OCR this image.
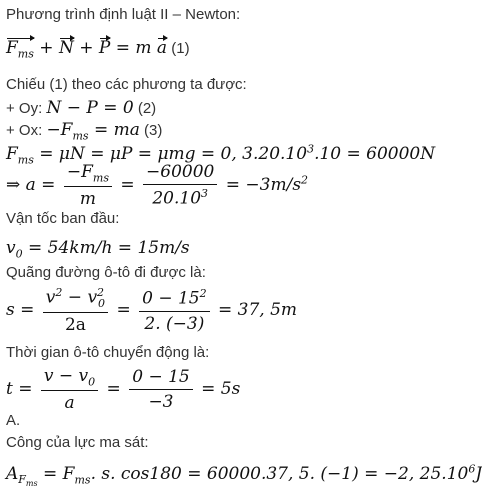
Phương trình định luật II – Newton:
$F_{ms} + N + P = m$ a (1)
Chiếu (1) theo các phương ta được:
+ Oy: N − P = 0 (2)
+ Ox: $-F_{ms}$ = ma (3)
$F_{ms} = \mu N = \mu P = \mu mg = 0$, $3.20.10^3.10 = 60000N$
⇒ $a = \frac{-F_{ms}}{m} = \frac{-60000}{20.10^3} = -3m/s^2$
Vận tốc ban đầu:
$v_0 = 54km/h = 15m/s$
Quãng đường ô-tô đi được là:
$s = \frac{v^2 - v^2_0}{2a} = \frac{0 - 15^2}{2. (-3)} = 37$, 5m
Thời gian ô-tô chuyển động là:
$t = \frac{v - v_0}{a} = \frac{0 - 15}{-3} = 5s$
A.
Công của lực ma sát:
$A_{F_{ms}} = F_{ms}$. s. cos180 = 60000.37, 5. (−1) = −2, 25.10$^6$J
